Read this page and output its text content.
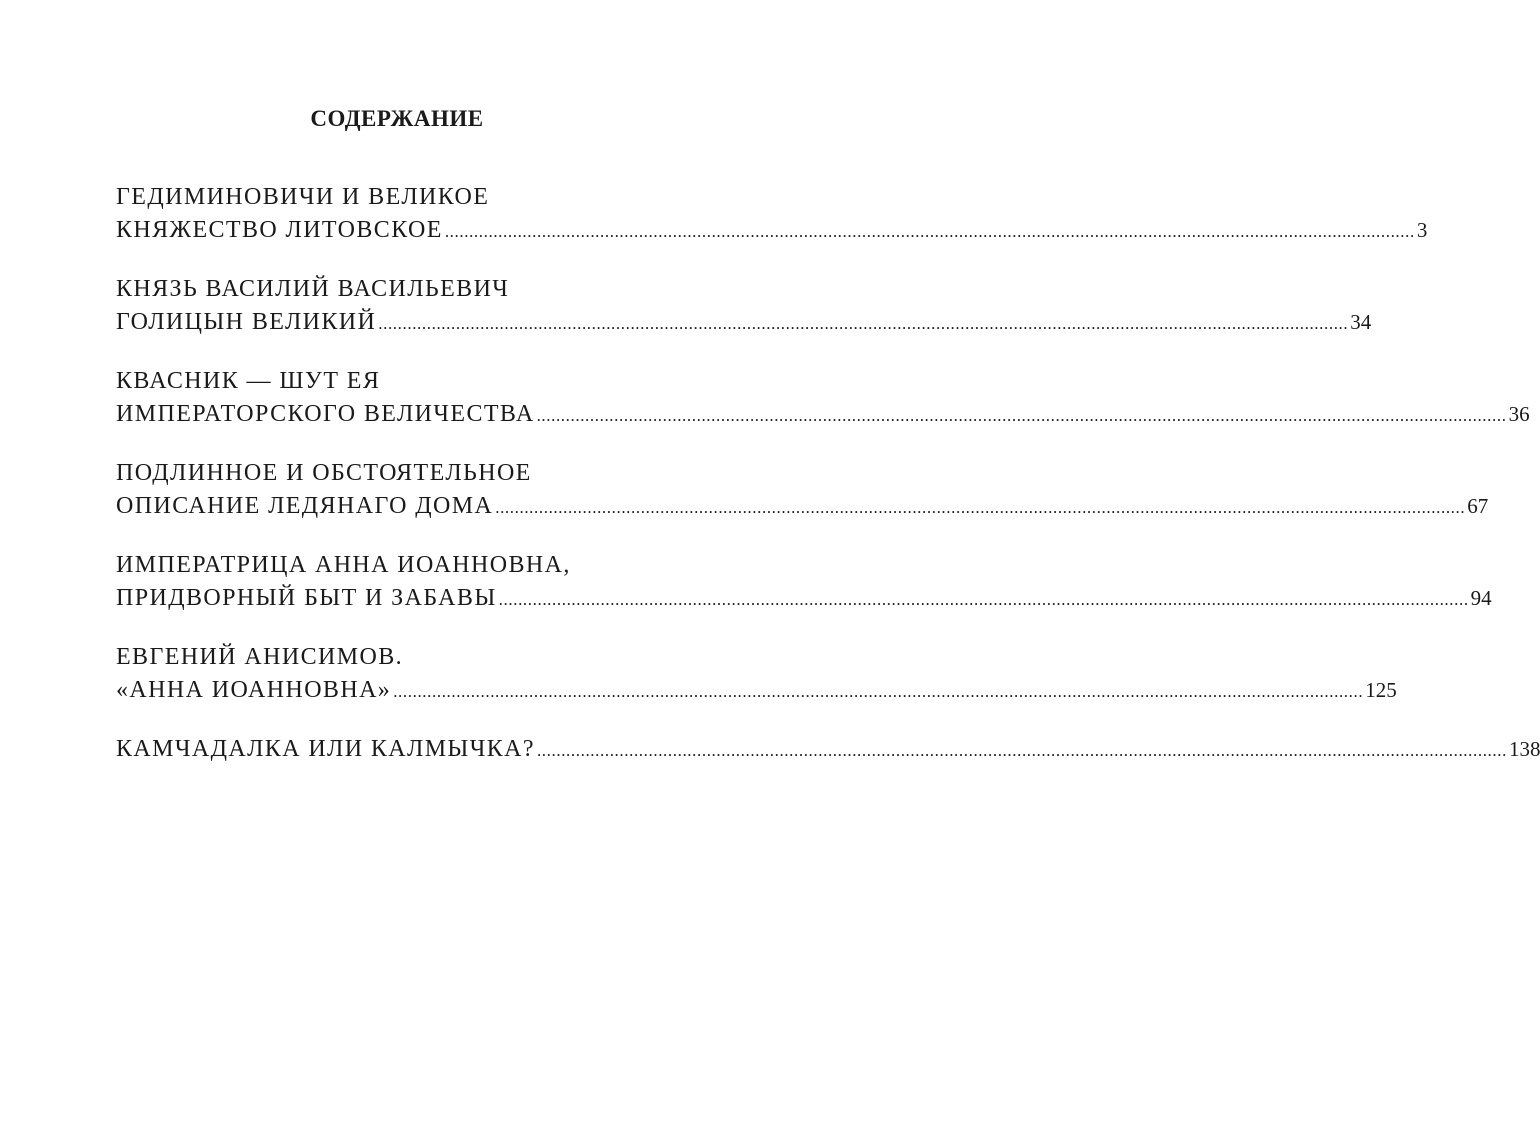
СОДЕРЖАНИЕ
ГЕДИМИНОВИЧИ И ВЕЛИКОЕ
КНЯЖЕСТВО ЛИТОВСКОЕ ........................................................................................................................................................................................................ 3
КНЯЗЬ ВАСИЛИЙ ВАСИЛЬЕВИЧ
ГОЛИЦЫН ВЕЛИКИЙ ........................................................................................................................................................................................................ 34
КВАСНИК — ШУТ ЕЯ
ИМПЕРАТОРСКОГО ВЕЛИЧЕСТВА ........................................................................................................................................................................................................ 36
ПОДЛИННОЕ И ОБСТОЯТЕЛЬНОЕ
ОПИСАНИЕ ЛЕДЯНАГО ДОМА ........................................................................................................................................................................................................ 67
ИМПЕРАТРИЦА АННА ИОАННОВНА,
ПРИДВОРНЫЙ БЫТ И ЗАБАВЫ ........................................................................................................................................................................................................ 94
ЕВГЕНИЙ АНИСИМОВ.
«АННА ИОАННОВНА» ........................................................................................................................................................................................................ 125
КАМЧАДАЛКА ИЛИ КАЛМЫЧКА? ........................................................................................................................................................................................................ 138
